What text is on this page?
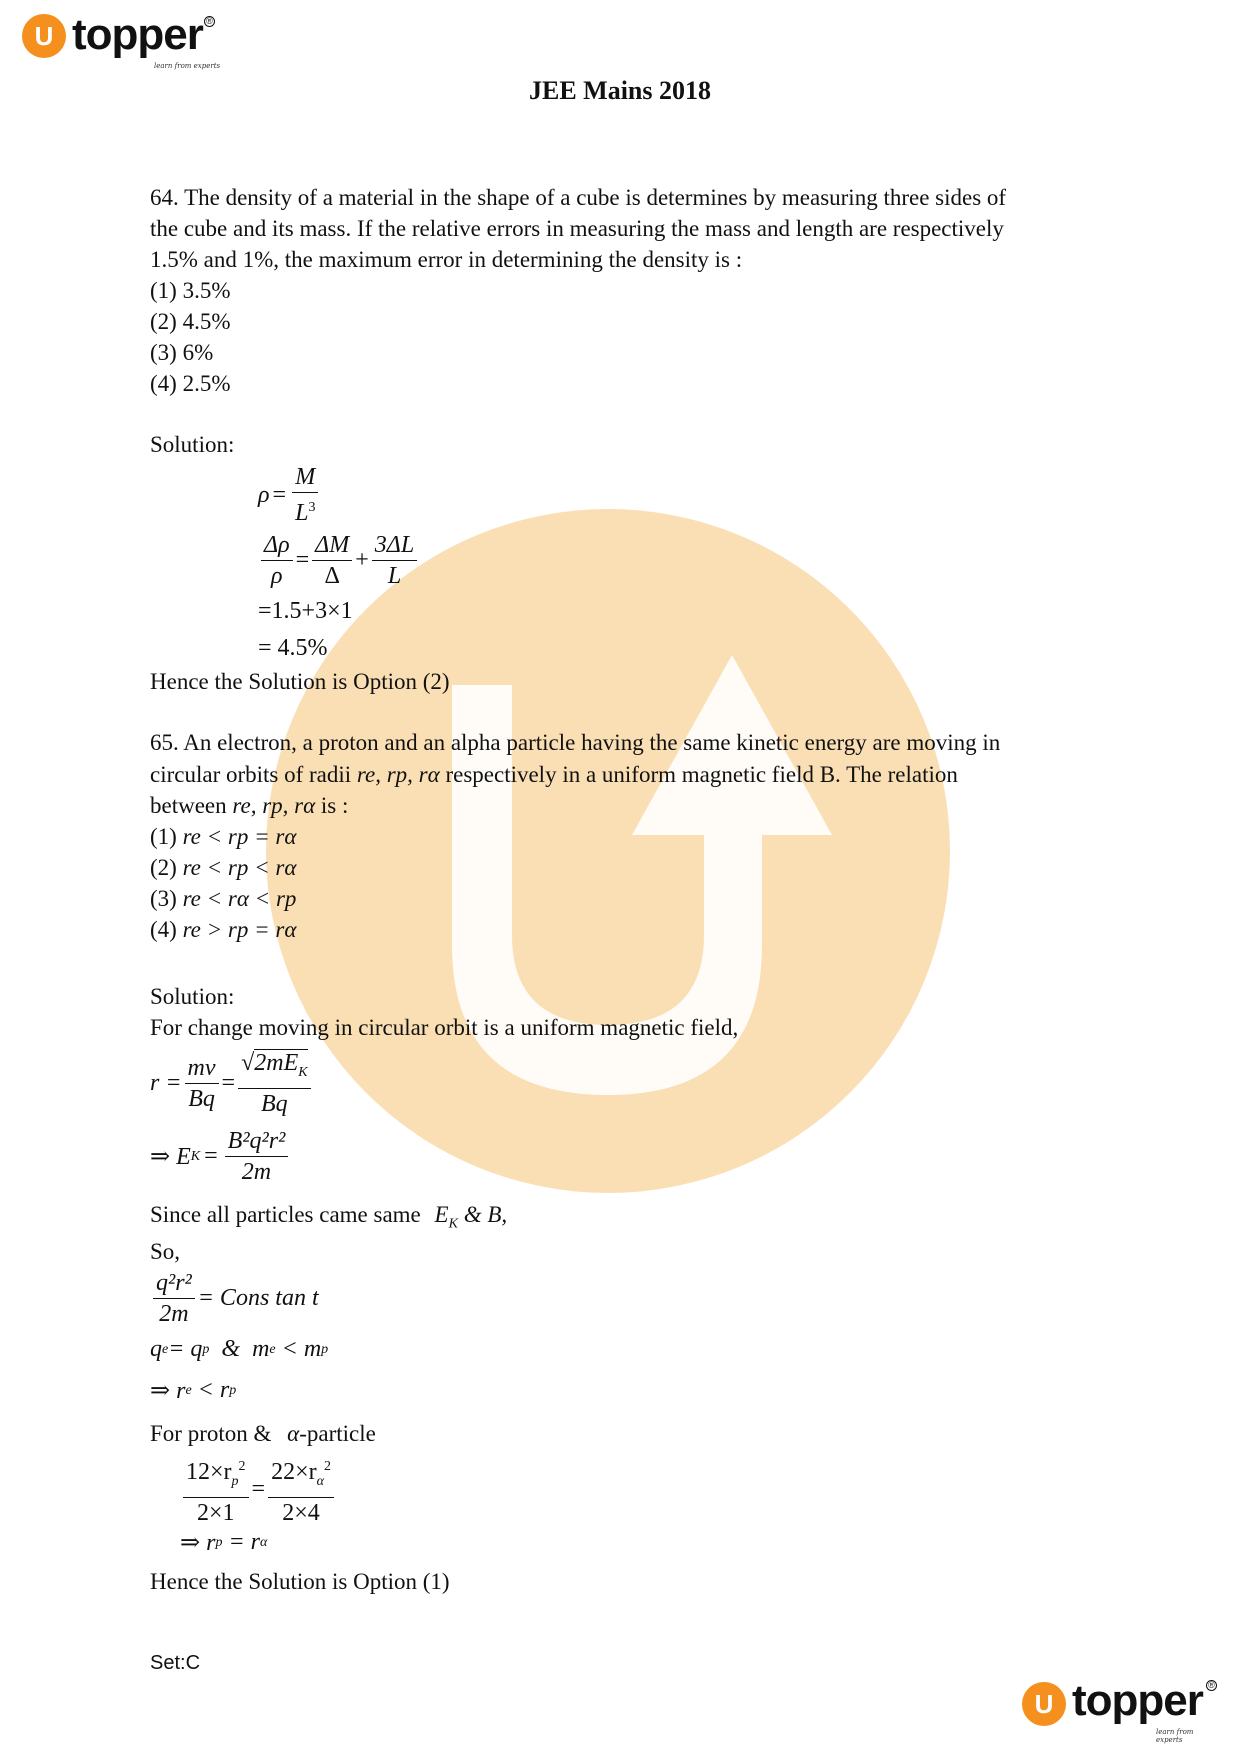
U topper ®
learn from experts
JEE Mains 2018
64. The density of a material in the shape of a cube is determines by measuring three sides of
the cube and its mass. If the relative errors in measuring the mass and length are respectively
1.5% and 1%, the maximum error in determining the density is :
(1) 3.5%
(2) 4.5%
(3) 6%
(4) 2.5%
Solution:
$\rho = \frac{M}{L^3}$
$\frac{\Delta\rho}{\rho} = \frac{\Delta M}{\Delta} + \frac{3\Delta L}{L}$
=1.5+3×1
= 4.5%
Hence the Solution is Option (2)
65. An electron, a proton and an alpha particle having the same kinetic energy are moving in
circular orbits of radii re, rp, rα respectively in a uniform magnetic field B. The relation
between re, rp, rα is :
(1) re < rp = rα
(2) re < rp < rα
(3) re < rα < rp
(4) re > rp = rα
Solution:
For change moving in circular orbit is a uniform magnetic field,
$r = \frac{mv}{Bq} = \frac{√2mE_K}{Bq}$
⇒ E $K = \frac{\text{B²q²r²}}{2m}$
Since all particles came same $E_K$ & B,
So,
$\frac{\text{q²r²}}{2m}$ = Cons tan t
q e = q p &  m e < m p
⇒ r e < r p
For proton & α-particle
$\frac{12\times r_p^2}{2\times 1} = \frac{22\times r_\alpha^2}{2\times 4}$
⇒ r p = r α
Hence the Solution is Option (1)
Set:C
U topper ®
learn from experts
